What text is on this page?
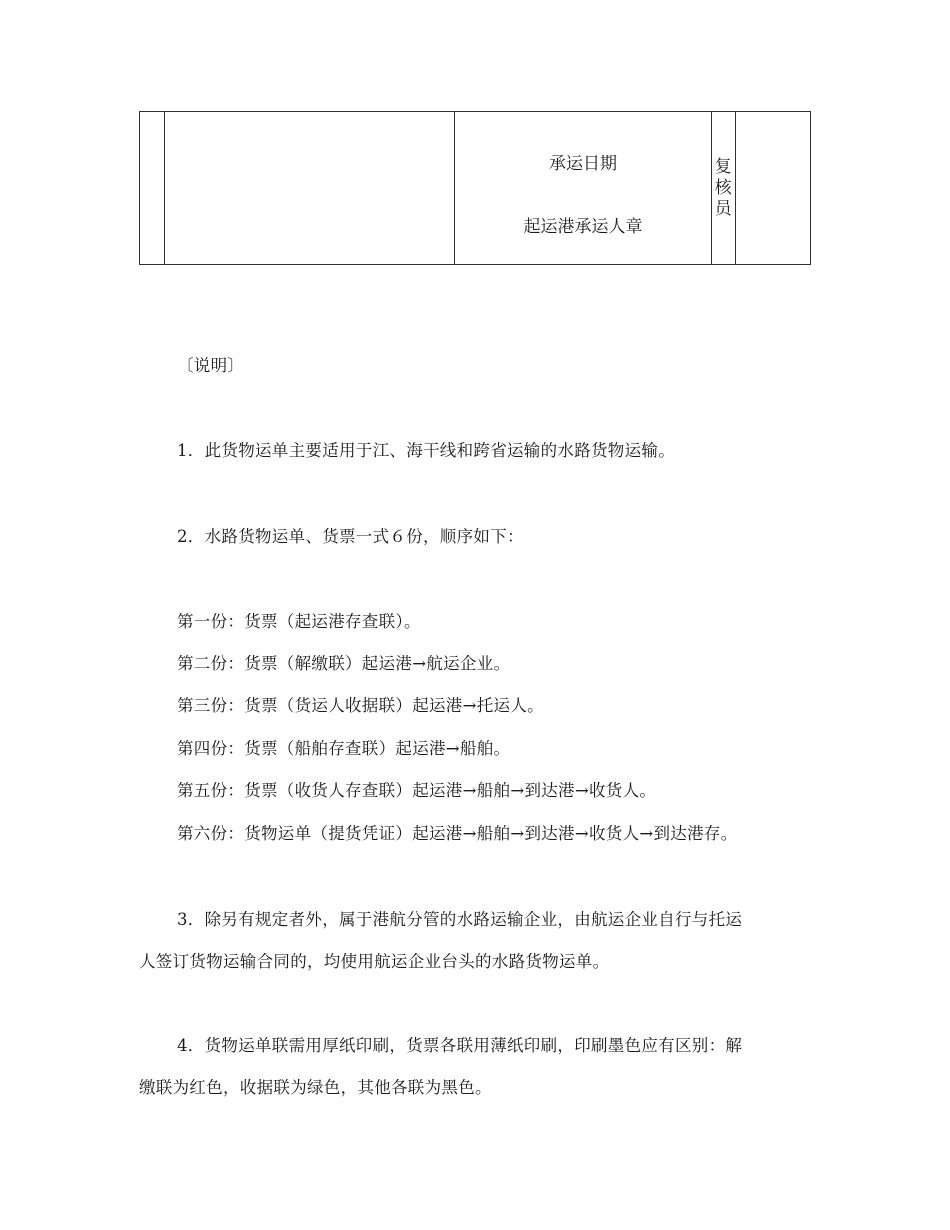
承运日期
起运港承运人章

复
核
员

〔说明〕
1．此货物运单主要适用于江、海干线和跨省运输的水路货物运输。
2．水路货物运单、货票一式６份，顺序如下：
第一份：货票（起运港存查联）。
第二份：货票（解缴联）起运港→航运企业。
第三份：货票（货运人收据联）起运港→托运人。
第四份：货票（船舶存查联）起运港→船舶。
第五份：货票（收货人存查联）起运港→船舶→到达港→收货人。
第六份：货物运单（提货凭证）起运港→船舶→到达港→收货人→到达港存。
3．除另有规定者外，属于港航分管的水路运输企业，由航运企业自行与托运
人签订货物运输合同的，均使用航运企业台头的水路货物运单。
4．货物运单联需用厚纸印刷，货票各联用薄纸印刷，印刷墨色应有区别：解
缴联为红色，收据联为绿色，其他各联为黑色。
